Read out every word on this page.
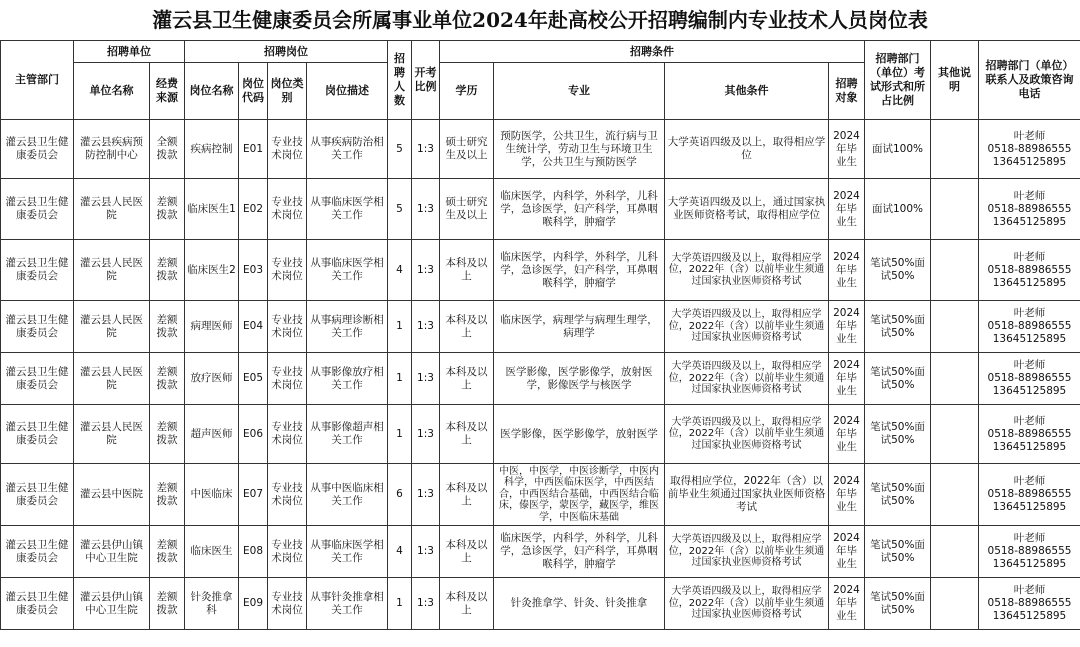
灌云县卫生健康委员会所属事业单位2024年赴高校公开招聘编制内专业技术人员岗位表
主管部门	招聘单位		招聘岗位				招聘人数	开考比例	招聘条件				招聘部门（单位）考试形式和所占比例	其他说明	招聘部门（单位） 联系人及政策咨询电话
	单位名称	经费来源	岗位名称	岗位代码	岗位类别	岗位描述			学历	专业	其他条件	招聘对象			
灌云县卫生健康委员会	灌云县疾病预防控制中心	全额拨款	疾病控制	E01	专业技术岗位	从事疾病防治相关工作	5	1:3	硕士研究生及以上	预防医学，公共卫生，流行病与卫生统计学，劳动卫生与环境卫生学，公共卫生与预防医学	大学英语四级及以上，取得相应学位	2024年毕业生	面试100%		叶老师
0518-88986555
13645125895
灌云县卫生健康委员会	灌云县人民医院	差额拨款	临床医生1	E02	专业技术岗位	从事临床医学相关工作	5	1:3	硕士研究生及以上	临床医学，内科学，外科学，儿科学，急诊医学，妇产科学，耳鼻咽喉科学，肿瘤学	大学英语四级及以上，通过国家执业医师资格考试，取得相应学位	2024年毕业生	面试100%		叶老师
0518-88986555
13645125895
灌云县卫生健康委员会	灌云县人民医院	差额拨款	临床医生2	E03	专业技术岗位	从事临床医学相关工作	4	1:3	本科及以上	临床医学，内科学，外科学，儿科学，急诊医学，妇产科学，耳鼻咽喉科学，肿瘤学	大学英语四级及以上，取得相应学位，2022年（含）以前毕业生须通过国家执业医师资格考试	2024年毕业生	笔试50%面试50%		叶老师
0518-88986555
13645125895
灌云县卫生健康委员会	灌云县人民医院	差额拨款	病理医师	E04	专业技术岗位	从事病理诊断相关工作	1	1:3	本科及以上	临床医学，病理学与病理生理学，病理学	大学英语四级及以上，取得相应学位，2022年（含）以前毕业生须通过国家执业医师资格考试	2024年毕业生	笔试50%面试50%		叶老师
0518-88986555
13645125895
灌云县卫生健康委员会	灌云县人民医院	差额拨款	放疗医师	E05	专业技术岗位	从事影像放疗相关工作	1	1:3	本科及以上	医学影像，医学影像学，放射医学，影像医学与核医学	大学英语四级及以上，取得相应学位，2022年（含）以前毕业生须通过国家执业医师资格考试	2024年毕业生	笔试50%面试50%		叶老师
0518-88986555
13645125895
灌云县卫生健康委员会	灌云县人民医院	差额拨款	超声医师	E06	专业技术岗位	从事影像超声相关工作	1	1:3	本科及以上	医学影像，医学影像学，放射医学	大学英语四级及以上，取得相应学位，2022年（含）以前毕业生须通过国家执业医师资格考试	2024年毕业生	笔试50%面试50%		叶老师
0518-88986555
13645125895
灌云县卫生健康委员会	灌云县中医院	差额拨款	中医临床	E07	专业技术岗位	从事中医临床相关工作	6	1:3	本科及以上	中医，中医学，中医诊断学，中医内科学，中西医临床医学，中西医结合，中西医结合基础，中西医结合临床，傣医学，蒙医学，藏医学，维医学，中医临床基础	取得相应学位，2022年（含）以前毕业生须通过国家执业医师资格考试	2024年毕业生	笔试50%面试50%		叶老师
0518-88986555
13645125895
灌云县卫生健康委员会	灌云县伊山镇中心卫生院	差额拨款	临床医生	E08	专业技术岗位	从事临床医学相关工作	4	1:3	本科及以上	临床医学，内科学，外科学，儿科学，急诊医学，妇产科学，耳鼻咽喉科学，肿瘤学	大学英语四级及以上，取得相应学位，2022年（含）以前毕业生须通过国家执业医师资格考试	2024年毕业生	笔试50%面试50%		叶老师
0518-88986555
13645125895
灌云县卫生健康委员会	灌云县伊山镇中心卫生院	差额拨款	针灸推拿科	E09	专业技术岗位	从事针灸推拿相关工作	1	1:3	本科及以上	针灸推拿学、针灸、针灸推拿	大学英语四级及以上，取得相应学位，2022年（含）以前毕业生须通过国家执业医师资格考试	2024年毕业生	笔试50%面试50%		叶老师
0518-88986555
13645125895
